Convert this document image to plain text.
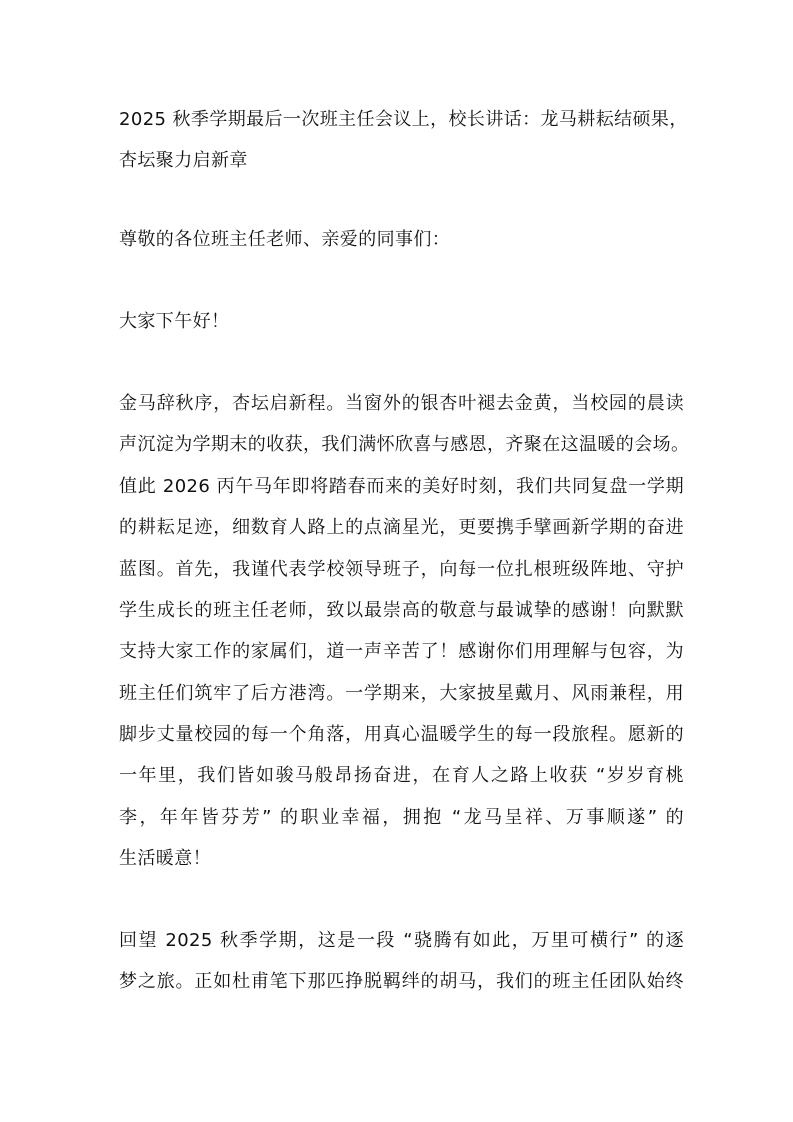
2025 秋季学期最后一次班主任会议上，校长讲话：龙马耕耘结硕果，
杏坛聚力启新章
尊敬的各位班主任老师、亲爱的同事们：
大家下午好！
金马辞秋序，杏坛启新程。当窗外的银杏叶褪去金黄，当校园的晨读
声沉淀为学期末的收获，我们满怀欣喜与感恩，齐聚在这温暖的会场。
值此 2026 丙午马年即将踏春而来的美好时刻，我们共同复盘一学期
的耕耘足迹，细数育人路上的点滴星光，更要携手擘画新学期的奋进
蓝图。首先，我谨代表学校领导班子，向每一位扎根班级阵地、守护
学生成长的班主任老师，致以最崇高的敬意与最诚挚的感谢！向默默
支持大家工作的家属们，道一声辛苦了！感谢你们用理解与包容，为
班主任们筑牢了后方港湾。一学期来，大家披星戴月、风雨兼程，用
脚步丈量校园的每一个角落，用真心温暖学生的每一段旅程。愿新的
一年里，我们皆如骏马般昂扬奋进，在育人之路上收获 “岁岁育桃
李，年年皆芬芳” 的职业幸福，拥抱 “龙马呈祥、万事顺遂” 的
生活暖意！
回望 2025 秋季学期，这是一段 “骁腾有如此，万里可横行” 的逐
梦之旅。正如杜甫笔下那匹挣脱羁绊的胡马，我们的班主任团队始终
